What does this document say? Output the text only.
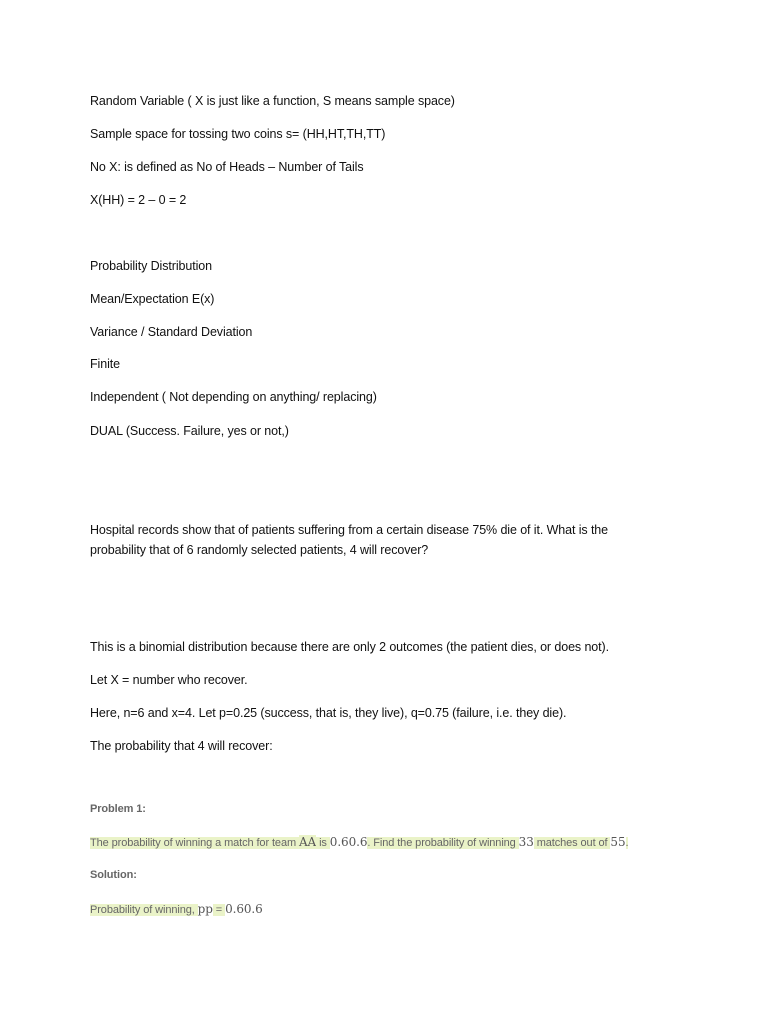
Random Variable ( X is just like a function, S means sample space)
Sample space for tossing two coins s= (HH,HT,TH,TT)
No X: is defined as No of Heads – Number of Tails
X(HH) = 2 – 0 = 2
Probability Distribution
Mean/Expectation E(x)
Variance / Standard Deviation
Finite
Independent ( Not depending on anything/ replacing)
DUAL (Success. Failure, yes or not,)
Hospital records show that of patients suffering from a certain disease 75% die of it. What is the probability that of 6 randomly selected patients, 4 will recover?
This is a binomial distribution because there are only 2 outcomes (the patient dies, or does not).
Let X = number who recover.
Here, n=6 and x=4. Let p=0.25 (success, that is, they live), q=0.75 (failure, i.e. they die).
The probability that 4 will recover:
Problem 1:
The probability of winning a match for team AA is 0.60.6. Find the probability of winning 33 matches out of 55.
Solution:
Probability of winning, pp = 0.60.6
